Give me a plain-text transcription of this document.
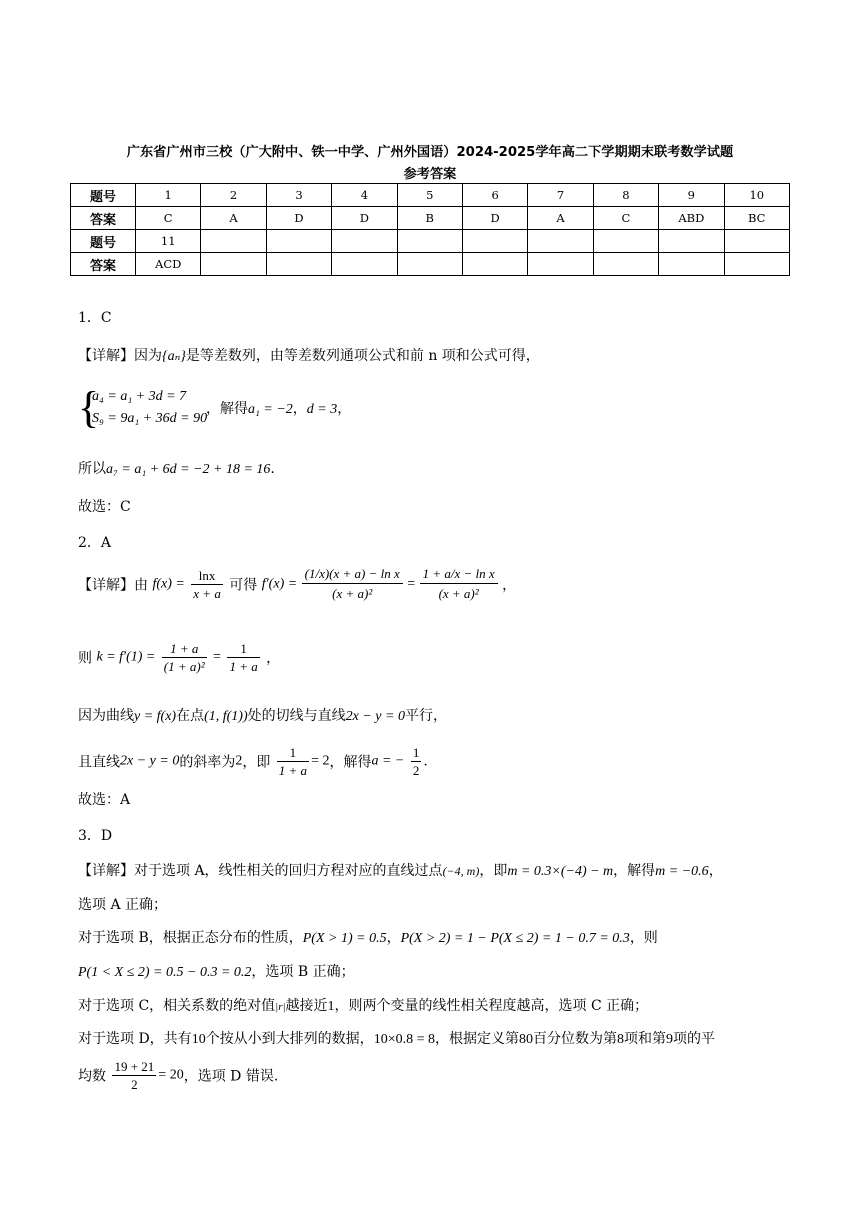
广东省广州市三校（广大附中、铁一中学、广州外国语）2024-2025学年高二下学期期末联考数学试题
参考答案
题号	1	2	3	4	5	6	7	8	9	10
答案	C	A	D	D	B	D	A	C	ABD	BC
题号	11									
答案	ACD									
1．C
【详解】因为{aₙ}是等差数列，由等差数列通项公式和前 n 项和公式可得，
{
a₄ = a₁ + 3d = 7
S₉ = 9a₁ + 36d = 90
，解得a₁ = −2，d = 3，
所以a₇ = a₁ + 6d = −2 + 18 = 16.
故选：C
2．A
【详解】由 $f(x) = \frac{\ln x}{x + a}$ 可得 $f'(x) = \frac{\text{(1/x)(x + a) − ln x}}{\text{(x + a)²}} = \frac{\text{1 + a/x − ln x}}{\text{(x + a)²}}$ ，
则 $k = f'(1) = \frac{1 + a}{\text{(1 + a)²}} = \frac{1}{1 + a}$ ，
因为曲线y = f(x)在点(1, f(1))处的切线与直线2x − y = 0平行，
且直线2x − y = 0的斜率为2，即 $\frac{1}{1 + a} = 2$，解得a = − $\frac{1}{2}$ .
故选：A
3．D
【详解】对于选项 A，线性相关的回归方程对应的直线过点(−4, m)，即m = 0.3×(−4) − m，解得m = −0.6，
选项 A 正确；
对于选项 B，根据正态分布的性质，P(X > 1) = 0.5，P(X > 2) = 1 − P(X ≤ 2) = 1 − 0.7 = 0.3，则
P(1 < X ≤ 2) = 0.5 − 0.3 = 0.2，选项 B 正确；
对于选项 C，相关系数的绝对值|r|越接近1，则两个变量的线性相关程度越高，选项 C 正确；
对于选项 D，共有10个按从小到大排列的数据，10×0.8 = 8，根据定义第80百分位数为第8项和第9项的平
均数 $\frac{19 + 21}{2} = 20$，选项 D 错误.
